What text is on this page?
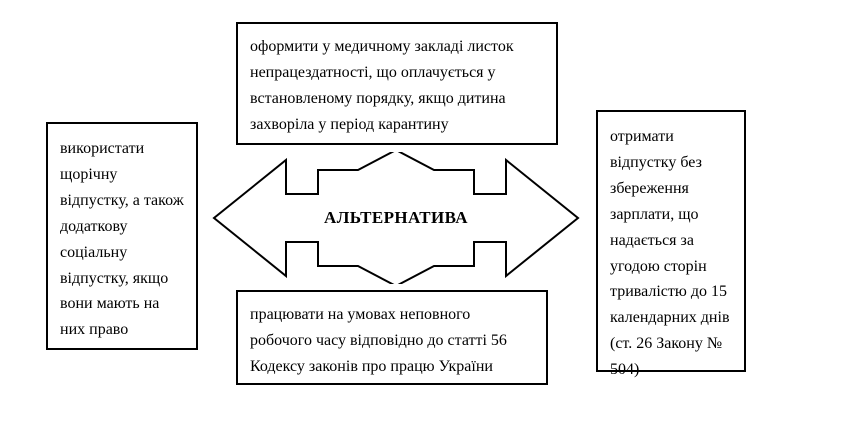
оформити у медичному закладі листок непрацездатності, що оплачується у встановленому порядку, якщо дитина захворіла у період карантину
використати щорічну відпустку, а також додаткову соціальну відпустку, якщо вони мають на них право
отримати відпустку без збереження зарплати, що надається за угодою сторін тривалістю до 15 календарних днів (ст. 26 Закону № 504)
працювати на умовах неповного робочого часу відповідно до статті 56 Кодексу законів про працю України
АЛЬТЕРНАТИВА
